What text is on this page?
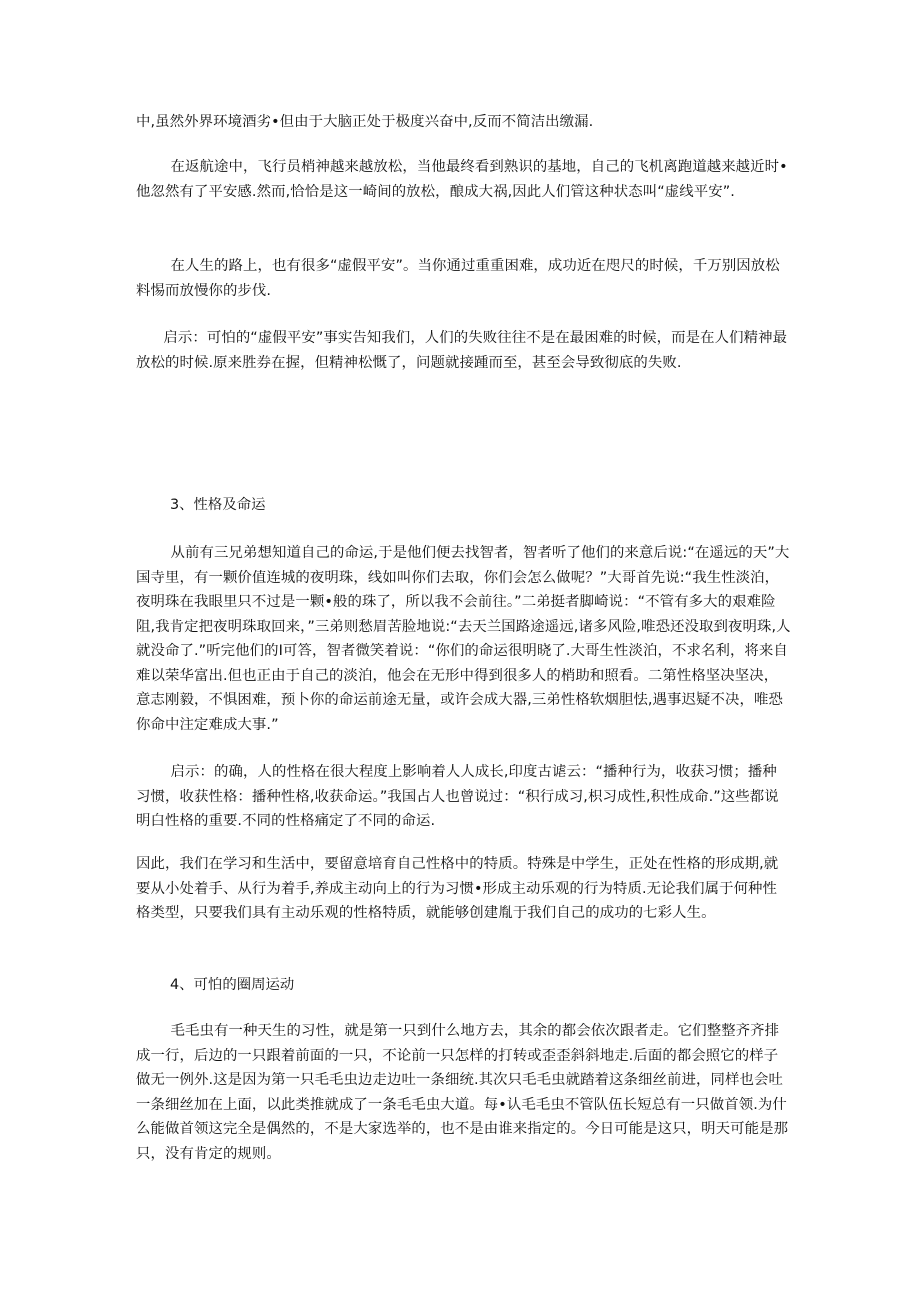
中,虽然外界环境酒劣•但由于大脑正处于极度兴奋中,反而不简洁出缴漏.

在返航途中，飞行员梢神越来越放松，当他最终看到熟识的基地，自己的飞机离跑道越来越近时•他忽然有了平安感.然而,恰恰是这一崎间的放松，酿成大祸,因此人们管这种状态叫“虚线平安”.

在人生的路上，也有很多“虚假平安”。当你通过重重困难，成功近在咫尺的时候，千万别因放松料惕而放慢你的步伐.

启示：可怕的“虚假平安”事实告知我们，人们的失败往往不是在最困难的时候，而是在人们精神最放松的时候.原来胜券在握，但精神松慨了，问题就接踵而至，甚至会导致彻底的失败.

3、性格及命运

从前有三兄弟想知道自己的命运,于是他们便去找智者，智者听了他们的来意后说:“在遥远的天”大国寺里，有一颗价值连城的夜明珠，线如叫你们去取，你们会怎么做呢？”大哥首先说:“我生性淡泊，夜明珠在我眼里只不过是一颗•般的珠了，所以我不会前往。”二弟挺者脚崎说：“不管有多大的艰难险阻,我肯定把夜明珠取回来，”三弟则愁眉苦脸地说:“去天兰国路途遥远,诸多风险,唯恐还没取到夜明珠,人就没命了.”听完他们的I可答，智者微笑着说：“你们的命运很明晓了.大哥生性淡泊，不求名利，将来自难以荣华富出.但也正由于自己的淡泊，他会在无形中得到很多人的梢助和照看。二第性格坚决坚决，意志刚毅，不惧困难，预卜你的命运前途无量，或许会成大器,三弟性格软烟胆怯,遇事迟疑不决，唯恐你命中注定难成大事.”

启示：的确，人的性格在很大程度上影响着人人成长,印度古谑云：“播种行为，收获习惯；播种习惯，收获性格：播种性格,收获命运。”我国占人也曾说过：“积行成习,枳习成性,积性成命.”这些都说明白性格的重要.不同的性格痛定了不同的命运.

因此，我们在学习和生活中，要留意培育自己性格中的特质。特殊是中学生，正处在性格的形成期,就要从小处着手、从行为着手,养成主动向上的行为习惯•形成主动乐观的行为特质.无论我们属于何种性格类型，只要我们具有主动乐观的性格特质，就能够创建胤于我们自己的成功的七彩人生。

4、可怕的圈周运动

毛毛虫有一种天生的习性，就是第一只到什么地方去，其余的都会依次跟者走。它们整整齐齐排成一行，后边的一只跟着前面的一只，不论前一只怎样的打转或歪歪斜斜地走.后面的都会照它的样子做无一例外.这是因为第一只毛毛虫边走边吐一条细统.其次只毛毛虫就踏着这条细丝前进，同样也会吐一条细丝加在上面，以此类推就成了一条毛毛虫大道。每•认毛毛虫不管队伍长短总有一只做首领.为什么能做首领这完全是偶然的，不是大家选举的，也不是由谁来指定的。今日可能是这只，明天可能是那只，没有肯定的规则。
